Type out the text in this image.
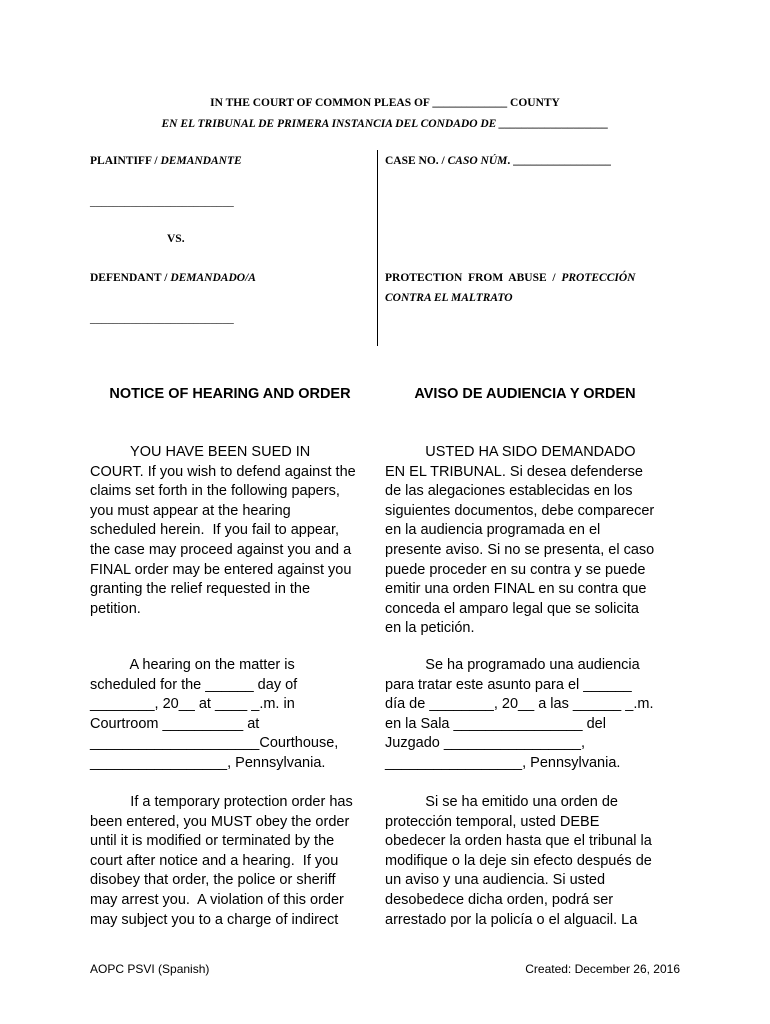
IN THE COURT OF COMMON PLEAS OF _____________ COUNTY
EN EL TRIBUNAL DE PRIMERA INSTANCIA DEL CONDADO DE ___________________
PLAINTIFF / DEMANDANTE
_________________________
VS.
DEFENDANT / DEMANDADO/A
_________________________
CASE NO. / CASO NÚM. _________________
PROTECTION  FROM  ABUSE  /  PROTECCIÓN
CONTRA EL MALTRATO
NOTICE OF HEARING AND ORDER	AVISO DE AUDIENCIA Y ORDEN
YOU HAVE BEEN SUED IN
COURT. If you wish to defend against the
claims set forth in the following papers,
you must appear at the hearing
scheduled herein.  If you fail to appear,
the case may proceed against you and a
FINAL order may be entered against you
granting the relief requested in the
petition.
A hearing on the matter is
scheduled for the ______ day of
________, 20__ at ____ _.m. in
Courtroom __________ at
_____________________Courthouse,
_________________, Pennsylvania.
If a temporary protection order has
been entered, you MUST obey the order
until it is modified or terminated by the
court after notice and a hearing.  If you
disobey that order, the police or sheriff
may arrest you.  A violation of this order
may subject you to a charge of indirect
USTED HA SIDO DEMANDADO
EN EL TRIBUNAL. Si desea defenderse
de las alegaciones establecidas en los
siguientes documentos, debe comparecer
en la audiencia programada en el
presente aviso. Si no se presenta, el caso
puede proceder en su contra y se puede
emitir una orden FINAL en su contra que
conceda el amparo legal que se solicita
en la petición.
Se ha programado una audiencia
para tratar este asunto para el ______
día de ________, 20__ a las ______ _.m.
en la Sala ________________ del
Juzgado _________________,
_________________, Pennsylvania.
Si se ha emitido una orden de
protección temporal, usted DEBE
obedecer la orden hasta que el tribunal la
modifique o la deje sin efecto después de
un aviso y una audiencia. Si usted
desobedece dicha orden, podrá ser
arrestado por la policía o el alguacil. La
AOPC PSVI (Spanish)	Created: December 26, 2016
